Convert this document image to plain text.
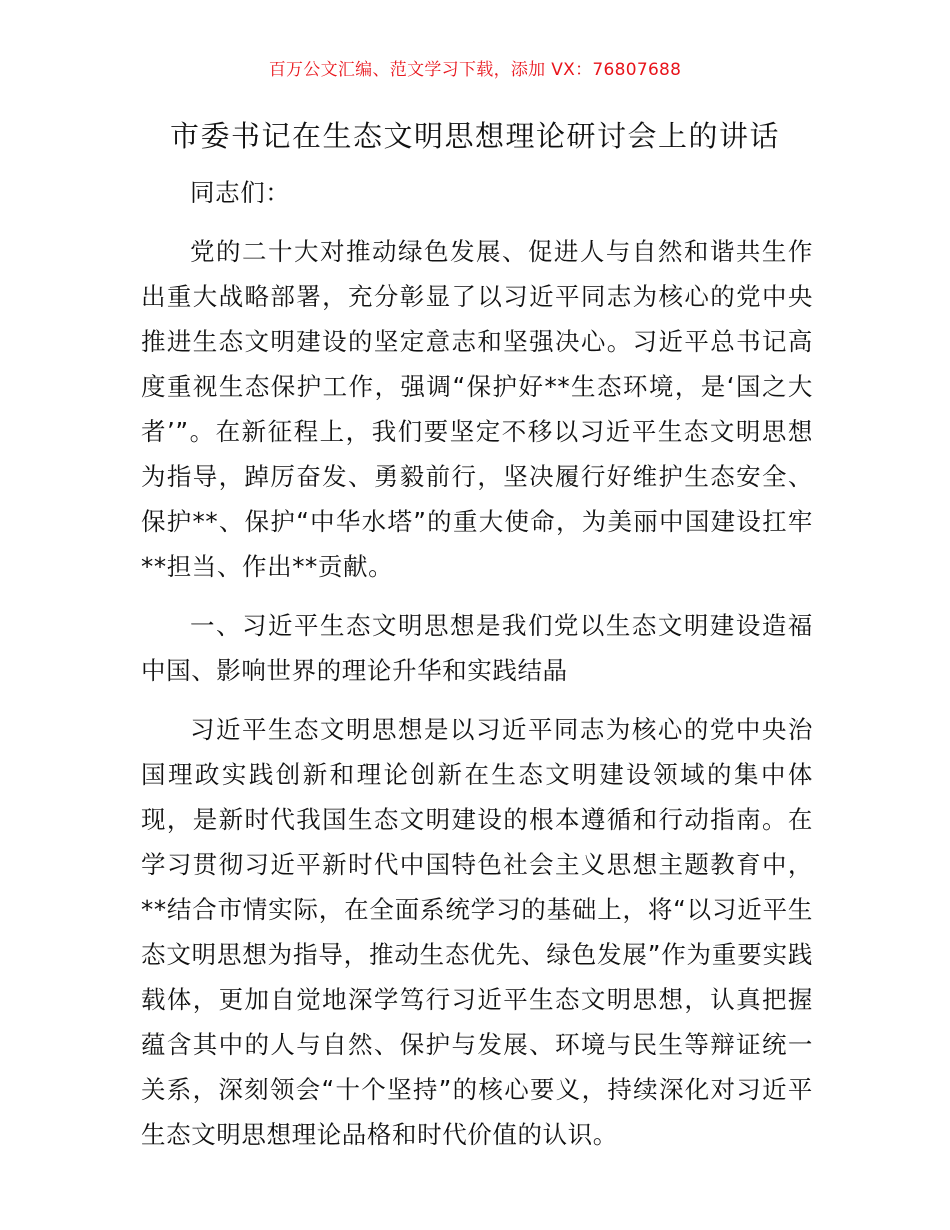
百万公文汇编、范文学习下载，添加 VX：76807688
市委书记在生态文明思想理论研讨会上的讲话

同志们：

党的二十大对推动绿色发展、促进人与自然和谐共生作出重大战略部署，充分彰显了以习近平同志为核心的党中央推进生态文明建设的坚定意志和坚强决心。习近平总书记高度重视生态保护工作，强调“保护好**生态环境，是‘国之大者’”。在新征程上，我们要坚定不移以习近平生态文明思想为指导，踔厉奋发、勇毅前行，坚决履行好维护生态安全、保护**、保护“中华水塔”的重大使命，为美丽中国建设扛牢**担当、作出**贡献。

一、习近平生态文明思想是我们党以生态文明建设造福中国、影响世界的理论升华和实践结晶

习近平生态文明思想是以习近平同志为核心的党中央治国理政实践创新和理论创新在生态文明建设领域的集中体现，是新时代我国生态文明建设的根本遵循和行动指南。在学习贯彻习近平新时代中国特色社会主义思想主题教育中，**结合市情实际，在全面系统学习的基础上，将“以习近平生态文明思想为指导，推动生态优先、绿色发展”作为重要实践载体，更加自觉地深学笃行习近平生态文明思想，认真把握蕴含其中的人与自然、保护与发展、环境与民生等辩证统一关系，深刻领会“十个坚持”的核心要义，持续深化对习近平生态文明思想理论品格和时代价值的认识。
